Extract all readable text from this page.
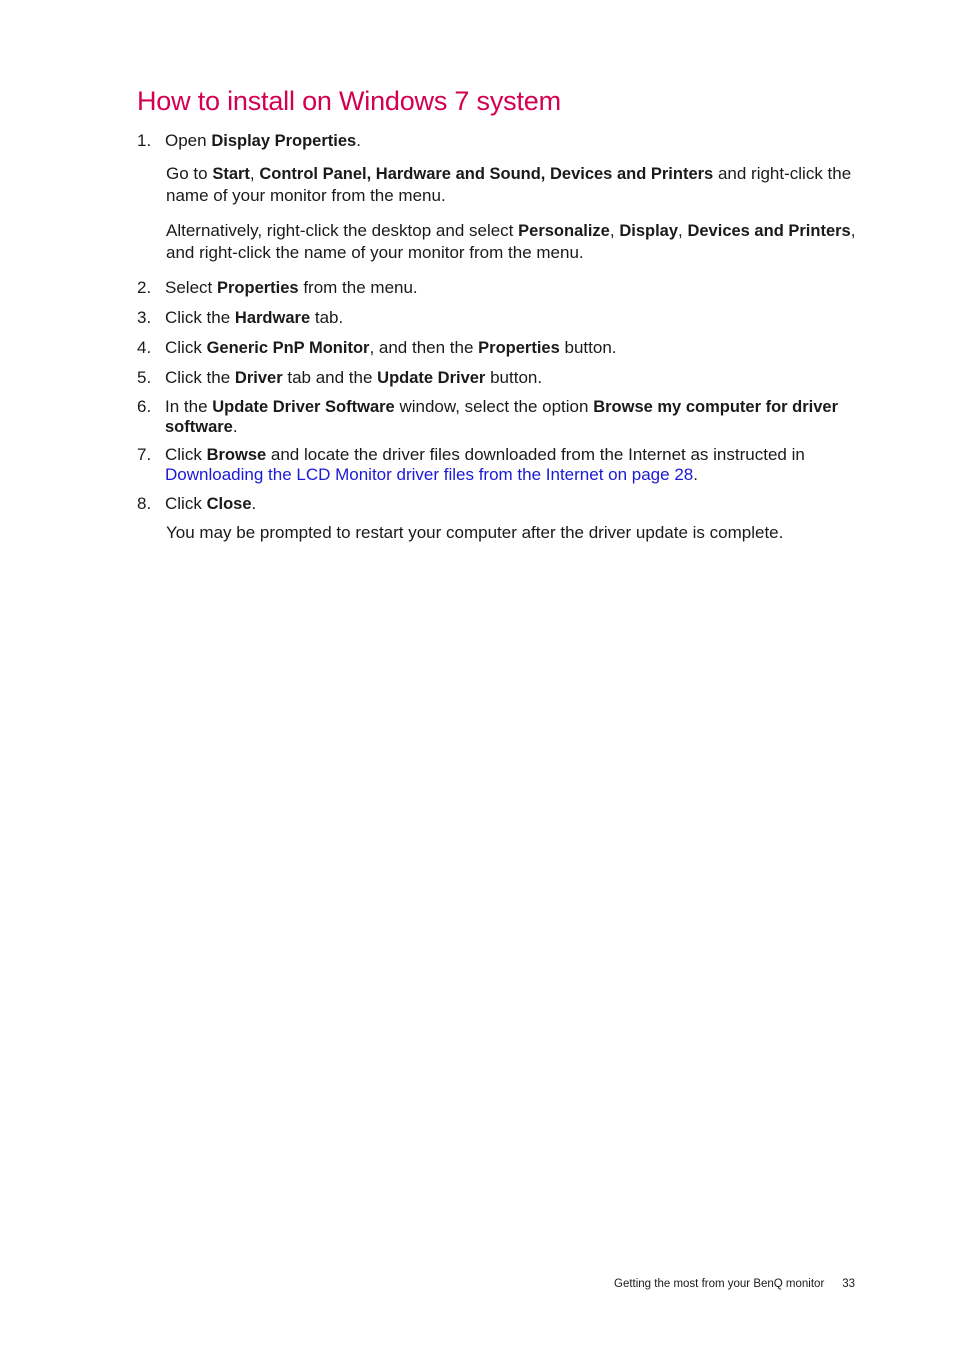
How to install on Windows 7 system
1. Open Display Properties.
Go to Start, Control Panel, Hardware and Sound, Devices and Printers and right-click the name of your monitor from the menu.
Alternatively, right-click the desktop and select Personalize, Display, Devices and Printers, and right-click the name of your monitor from the menu.
2. Select Properties from the menu.
3. Click the Hardware tab.
4. Click Generic PnP Monitor, and then the Properties button.
5. Click the Driver tab and the Update Driver button.
6. In the Update Driver Software window, select the option Browse my computer for driver software.
7. Click Browse and locate the driver files downloaded from the Internet as instructed in Downloading the LCD Monitor driver files from the Internet on page 28.
8. Click Close.
You may be prompted to restart your computer after the driver update is complete.
Getting the most from your BenQ monitor 33
